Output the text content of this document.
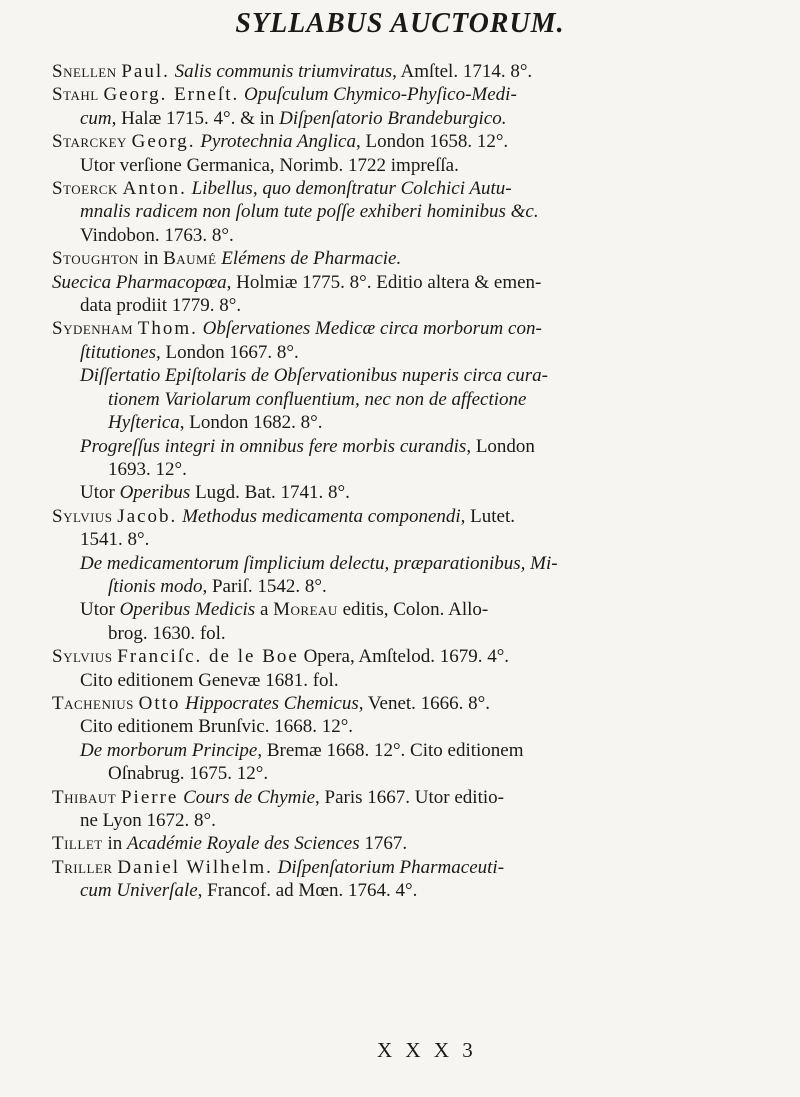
SYLLABUS AUCTORUM.
Snellen Paul. Salis communis triumviratus, Amſtel. 1714. 8°.
Stahl Georg. Erneſt. Opuſculum Chymico-Phyſico-Medi-
cum, Halæ 1715. 4°. & in Diſpenſatorio Brandeburgico.
Starckey Georg. Pyrotechnia Anglica, London 1658. 12°.
Utor verſione Germanica, Norimb. 1722 impreſſa.
Stoerck Anton. Libellus, quo demonſtratur Colchici Autu-
mnalis radicem non ſolum tute poſſe exhiberi hominibus &c.
Vindobon. 1763. 8°.
Stoughton in Baumé Elémens de Pharmacie.
Suecica Pharmacopœa, Holmiæ 1775. 8°. Editio altera & emen-
data prodiit 1779. 8°.
Sydenham Thom. Obſervationes Medicæ circa morborum con-
ſtitutiones, London 1667. 8°.
Diſſertatio Epiſtolaris de Obſervationibus nuperis circa cura-
tionem Variolarum confluentium, nec non de affectione
Hyſterica, London 1682. 8°.
Progreſſus integri in omnibus fere morbis curandis, London
1693. 12°.
Utor Operibus Lugd. Bat. 1741. 8°.
Sylvius Jacob. Methodus medicamenta componendi, Lutet.
1541. 8°.
De medicamentorum ſimplicium delectu, præparationibus, Mi-
ſtionis modo, Pariſ. 1542. 8°.
Utor Operibus Medicis a Moreau editis, Colon. Allo-
brog. 1630. fol.
Sylvius Franciſc. de le Boe Opera, Amſtelod. 1679. 4°.
Cito editionem Genevæ 1681. fol.
Tachenius Otto Hippocrates Chemicus, Venet. 1666. 8°.
Cito editionem Brunſvic. 1668. 12°.
De morborum Principe, Bremæ 1668. 12°. Cito editionem
Oſnabrug. 1675. 12°.
Thibaut Pierre Cours de Chymie, Paris 1667. Utor editio-
ne Lyon 1672. 8°.
Tillet in Académie Royale des Sciences 1767.
Triller Daniel Wilhelm. Diſpenſatorium Pharmaceuti-
cum Univerſale, Francof. ad Mœn. 1764. 4°.
X X X 3
